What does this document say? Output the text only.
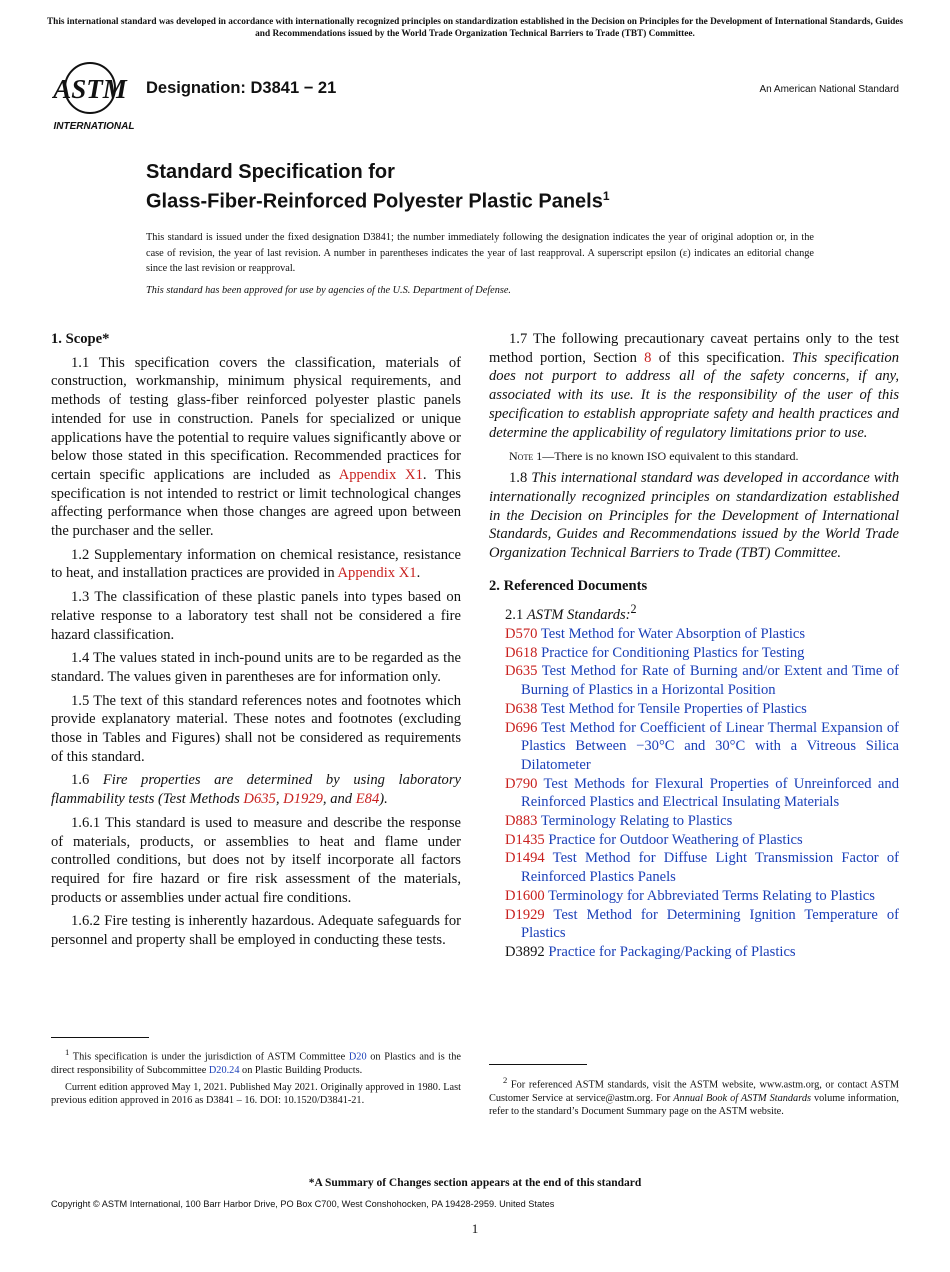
This international standard was developed in accordance with internationally recognized principles on standardization established in the Decision on Principles for the Development of International Standards, Guides and Recommendations issued by the World Trade Organization Technical Barriers to Trade (TBT) Committee.
ASTM
INTERNATIONAL
Designation: D3841 − 21	An American National Standard
Standard Specification for
Glass-Fiber-Reinforced Polyester Plastic Panels$^1$
This standard is issued under the fixed designation D3841; the number immediately following the designation indicates the year of original adoption or, in the case of revision, the year of last revision. A number in parentheses indicates the year of last reapproval. A superscript epsilon (ε) indicates an editorial change since the last revision or reapproval.
This standard has been approved for use by agencies of the U.S. Department of Defense.
1. Scope*

1.1 This specification covers the classification, materials of construction, workmanship, minimum physical requirements, and methods of testing glass-fiber reinforced polyester plastic panels intended for use in construction. Panels for specialized or unique applications have the potential to require values significantly above or below those stated in this specification. Recommended practices for certain specific applications are included as Appendix X1. This specification is not intended to restrict or limit technological changes affecting performance when those changes are agreed upon between the purchaser and the seller.

1.2 Supplementary information on chemical resistance, resistance to heat, and installation practices are provided in Appendix X1.

1.3 The classification of these plastic panels into types based on relative response to a laboratory test shall not be considered a fire hazard classification.

1.4 The values stated in inch-pound units are to be regarded as the standard. The values given in parentheses are for information only.

1.5 The text of this standard references notes and footnotes which provide explanatory material. These notes and footnotes (excluding those in Tables and Figures) shall not be considered as requirements of this standard.

1.6 Fire properties are determined by using laboratory flammability tests (Test Methods D635, D1929, and E84).

1.6.1 This standard is used to measure and describe the response of materials, products, or assemblies to heat and flame under controlled conditions, but does not by itself incorporate all factors required for fire hazard or fire risk assessment of the materials, products or assemblies under actual fire conditions.

1.6.2 Fire testing is inherently hazardous. Adequate safeguards for personnel and property shall be employed in conducting these tests.

$^1$ This specification is under the jurisdiction of ASTM Committee D20 on Plastics and is the direct responsibility of Subcommittee D20.24 on Plastic Building Products.

Current edition approved May 1, 2021. Published May 2021. Originally approved in 1980. Last previous edition approved in 2016 as D3841 – 16. DOI: 10.1520/D3841-21.

1.7 The following precautionary caveat pertains only to the test method portion, Section 8 of this specification. This specification does not purport to address all of the safety concerns, if any, associated with its use. It is the responsibility of the user of this specification to establish appropriate safety and health practices and determine the applicability of regulatory limitations prior to use.

Note 1—There is no known ISO equivalent to this standard.

1.8 This international standard was developed in accordance with internationally recognized principles on standardization established in the Decision on Principles for the Development of International Standards, Guides and Recommendations issued by the World Trade Organization Technical Barriers to Trade (TBT) Committee.

2. Referenced Documents

2.1 ASTM Standards:$^2$

D570 Test Method for Water Absorption of Plastics
D618 Practice for Conditioning Plastics for Testing
D635 Test Method for Rate of Burning and/or Extent and Time of Burning of Plastics in a Horizontal Position
D638 Test Method for Tensile Properties of Plastics
D696 Test Method for Coefficient of Linear Thermal Expansion of Plastics Between −30°C and 30°C with a Vitreous Silica Dilatometer
D790 Test Methods for Flexural Properties of Unreinforced and Reinforced Plastics and Electrical Insulating Materials
D883 Terminology Relating to Plastics
D1435 Practice for Outdoor Weathering of Plastics
D1494 Test Method for Diffuse Light Transmission Factor of Reinforced Plastics Panels
D1600 Terminology for Abbreviated Terms Relating to Plastics
D1929 Test Method for Determining Ignition Temperature of Plastics
D3892 Practice for Packaging/Packing of Plastics

$^2$ For referenced ASTM standards, visit the ASTM website, www.astm.org, or contact ASTM Customer Service at service@astm.org. For Annual Book of ASTM Standards volume information, refer to the standard’s Document Summary page on the ASTM website.

*A Summary of Changes section appears at the end of this standard
Copyright © ASTM International, 100 Barr Harbor Drive, PO Box C700, West Conshohocken, PA 19428-2959. United States
1
